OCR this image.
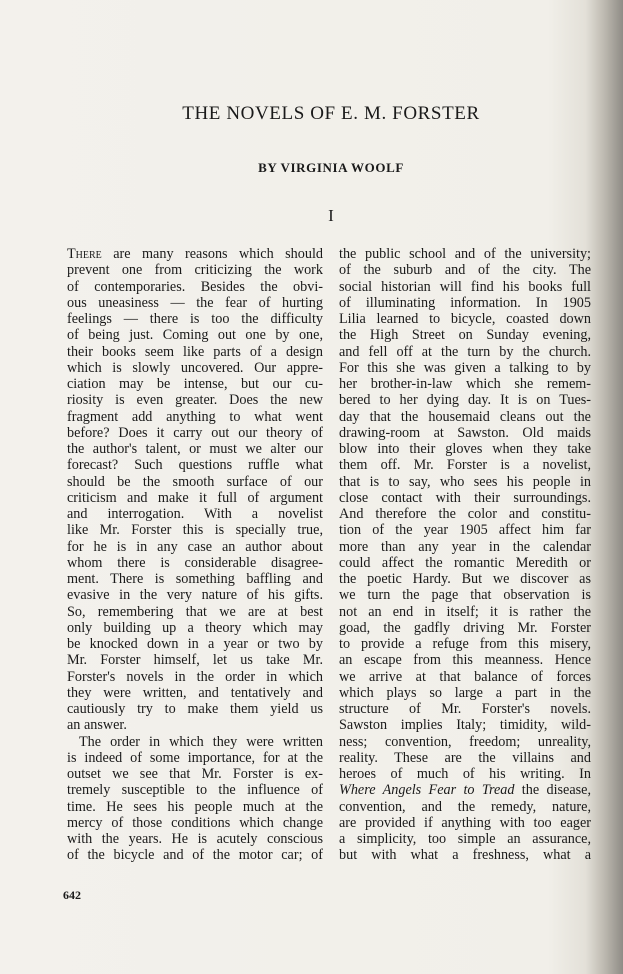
THE NOVELS OF E. M. FORSTER
BY VIRGINIA WOOLF
I
There are many reasons which should
prevent one from criticizing the work
of contemporaries. Besides the obvi-
ous uneasiness — the fear of hurting
feelings — there is too the difficulty
of being just. Coming out one by one,
their books seem like parts of a design
which is slowly uncovered. Our appre-
ciation may be intense, but our cu-
riosity is even greater. Does the new
fragment add anything to what went
before? Does it carry out our theory of
the author's talent, or must we alter our
forecast? Such questions ruffle what
should be the smooth surface of our
criticism and make it full of argument
and interrogation. With a novelist
like Mr. Forster this is specially true,
for he is in any case an author about
whom there is considerable disagree-
ment. There is something baffling and
evasive in the very nature of his gifts.
So, remembering that we are at best
only building up a theory which may
be knocked down in a year or two by
Mr. Forster himself, let us take Mr.
Forster's novels in the order in which
they were written, and tentatively and
cautiously try to make them yield us
an answer.
The order in which they were written
is indeed of some importance, for at the
outset we see that Mr. Forster is ex-
tremely susceptible to the influence of
time. He sees his people much at the
mercy of those conditions which change
with the years. He is acutely conscious
of the bicycle and of the motor car; of
the public school and of the university;
of the suburb and of the city. The
social historian will find his books full
of illuminating information. In 1905
Lilia learned to bicycle, coasted down
the High Street on Sunday evening,
and fell off at the turn by the church.
For this she was given a talking to by
her brother-in-law which she remem-
bered to her dying day. It is on Tues-
day that the housemaid cleans out the
drawing-room at Sawston. Old maids
blow into their gloves when they take
them off. Mr. Forster is a novelist,
that is to say, who sees his people in
close contact with their surroundings.
And therefore the color and constitu-
tion of the year 1905 affect him far
more than any year in the calendar
could affect the romantic Meredith or
the poetic Hardy. But we discover as
we turn the page that observation is
not an end in itself; it is rather the
goad, the gadfly driving Mr. Forster
to provide a refuge from this misery,
an escape from this meanness. Hence
we arrive at that balance of forces
which plays so large a part in the
structure of Mr. Forster's novels.
Sawston implies Italy; timidity, wild-
ness; convention, freedom; unreality,
reality. These are the villains and
heroes of much of his writing. In
Where Angels Fear to Tread the disease,
convention, and the remedy, nature,
are provided if anything with too eager
a simplicity, too simple an assurance,
but with what a freshness, what a
642
